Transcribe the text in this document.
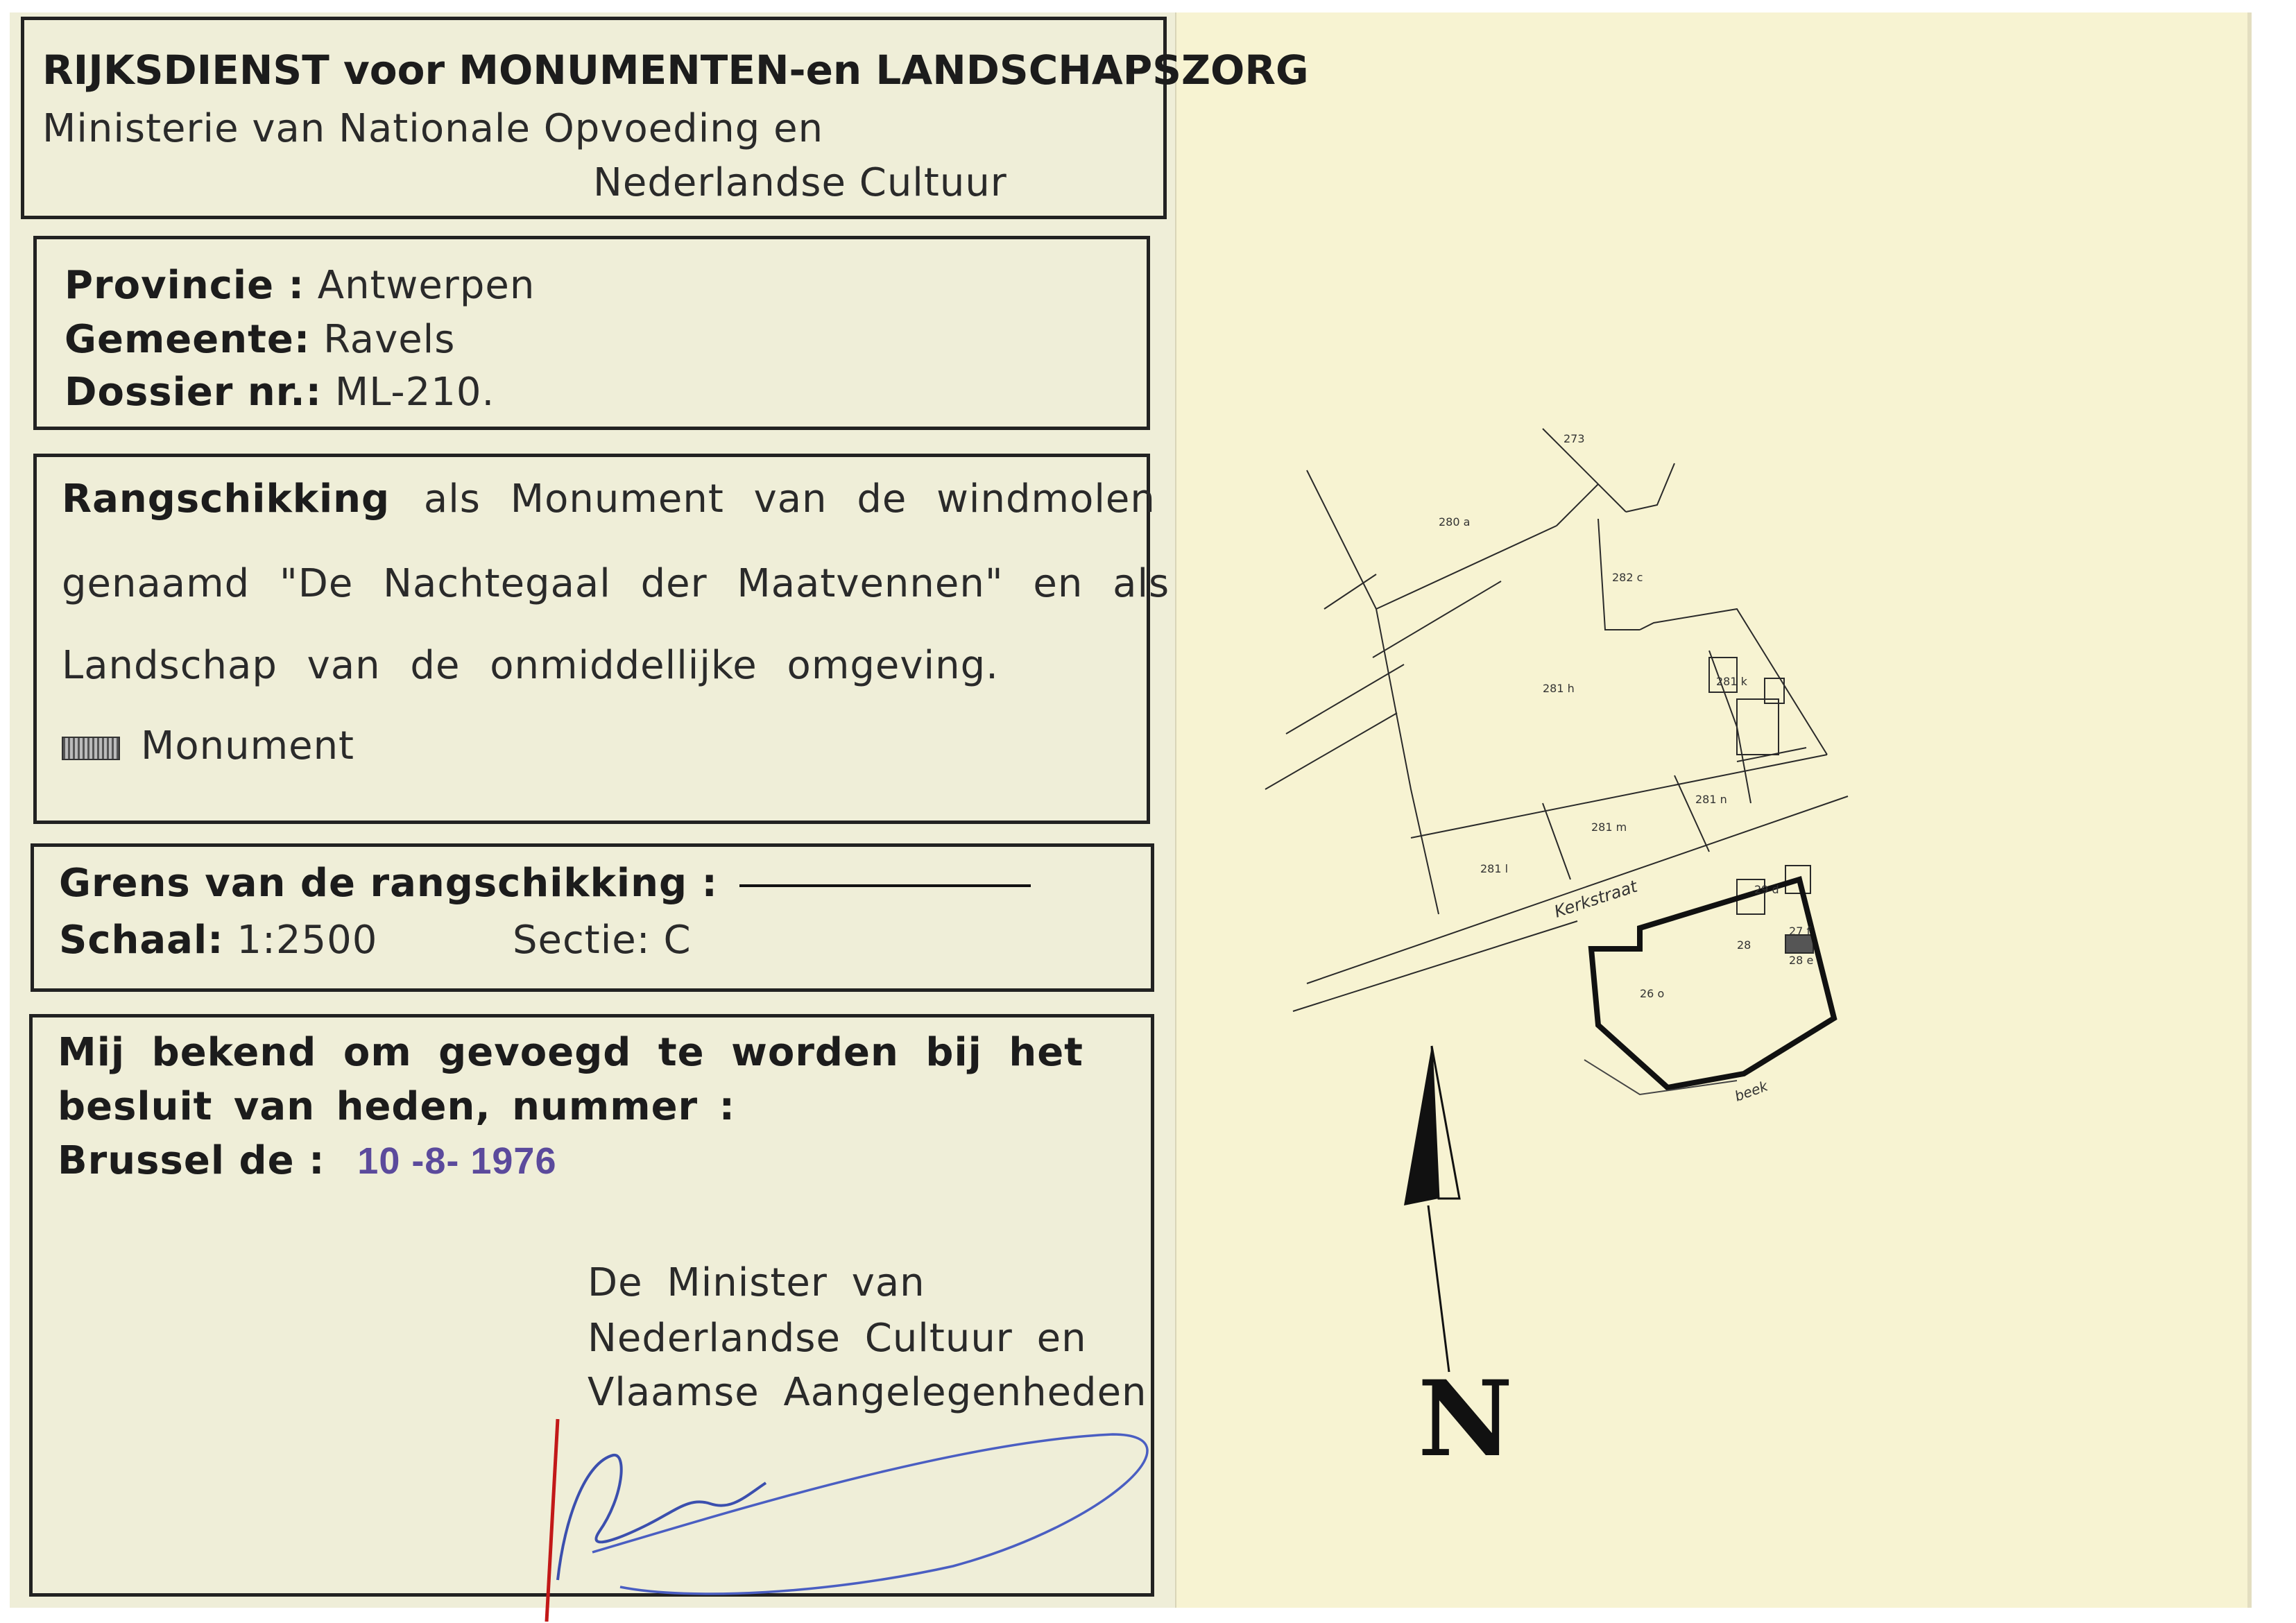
RIJKSDIENST voor MONUMENTEN-en LANDSCHAPSZORG
Ministerie van Nationale Opvoeding en
Nederlandse Cultuur
Provincie : Antwerpen
Gemeente: Ravels
Dossier nr.: ML-210.
Rangschikking als Monument van de windmolen
genaamd "De Nachtegaal der Maatvennen" en als
Landschap van de onmiddellijke omgeving.
Monument
Grens van de rangschikking :
Schaal: 1:2500	Sectie: C
Mij bekend om gevoegd te worden bij het
besluit van heden, nummer :
Brussel de : 10 -8- 1976
De Minister van
Nederlandse Cultuur en
Vlaamse Aangelegenheden
273
280 a
282 c
281 k
281 h
281 n
281 m
281 l
29 d
27 f
28
28 e
26 o
Kerkstraat
beek
N
